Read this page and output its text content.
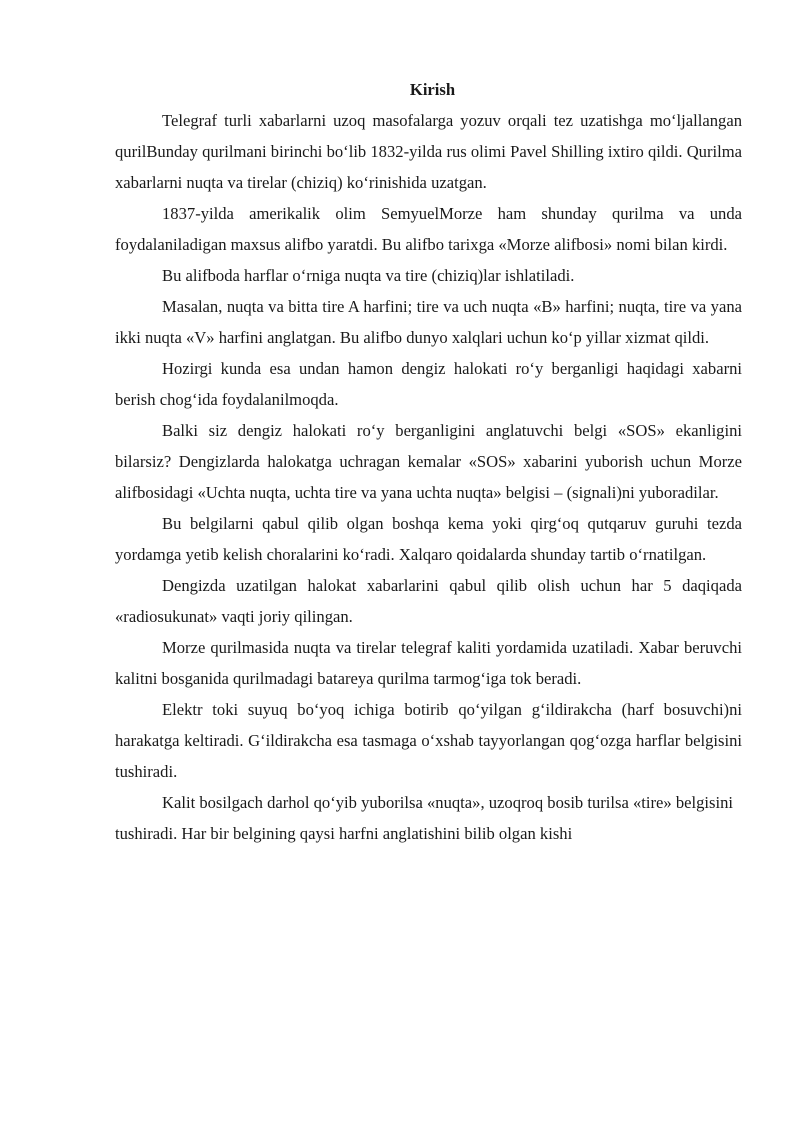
Kirish

Telegraf turli xabarlarni uzoq masofalarga yozuv orqali tez uzatishga moʻljallangan qurilBunday qurilmani birinchi boʻlib 1832-yilda rus olimi Pavel Shilling ixtiro qildi. Qurilma xabarlarni nuqta va tirelar (chiziq) koʻrinishida uzatgan.

1837-yilda amerikalik olim SemyuelMorze ham shunday qurilma va unda foydalaniladigan maxsus alifbo yaratdi. Bu alifbo tarixga «Morze alifbosi» nomi bilan kirdi.

Bu alifboda harflar oʻrniga nuqta va tire (chiziq)lar ishlatiladi.

Masalan, nuqta va bitta tire A harfini; tire va uch nuqta «B» harfini; nuqta, tire va yana ikki nuqta «V» harfini anglatgan. Bu alifbo dunyo xalqlari uchun koʻp yillar xizmat qildi.

Hozirgi kunda esa undan hamon dengiz halokati roʻy berganligi haqidagi xabarni berish chogʻida foydalanilmoqda.

Balki siz dengiz halokati roʻy berganligini anglatuvchi belgi «SOS» ekanligini bilarsiz? Dengizlarda halokatga uchragan kemalar «SOS» xabarini yuborish uchun Morze alifbosidagi «Uchta nuqta, uchta tire va yana uchta nuqta» belgisi – (signali)ni yuboradilar.

Bu belgilarni qabul qilib olgan boshqa kema yoki qirgʻoq qutqaruv guruhi tezda yordamga yetib kelish choralarini koʻradi. Xalqaro qoidalarda shunday tartib oʻrnatilgan.

Dengizda uzatilgan halokat xabarlarini qabul qilib olish uchun har 5 daqiqada «radiosukunat» vaqti joriy qilingan.

Morze qurilmasida nuqta va tirelar telegraf kaliti yordamida uzatiladi. Xabar beruvchi kalitni bosganida qurilmadagi batareya qurilma tarmogʻiga tok beradi.

Elektr toki suyuq boʻyoq ichiga botirib qoʻyilgan gʻildirakcha (harf bosuvchi)ni harakatga keltiradi. Gʻildirakcha esa tasmaga oʻxshab tayyorlangan qogʻozga harflar belgisini tushiradi.

Kalit bosilgach darhol qoʻyib yuborilsa «nuqta», uzoqroq bosib turilsa «tire» belgisini tushiradi. Har bir belgining qaysi harfni anglatishini bilib olgan kishi
